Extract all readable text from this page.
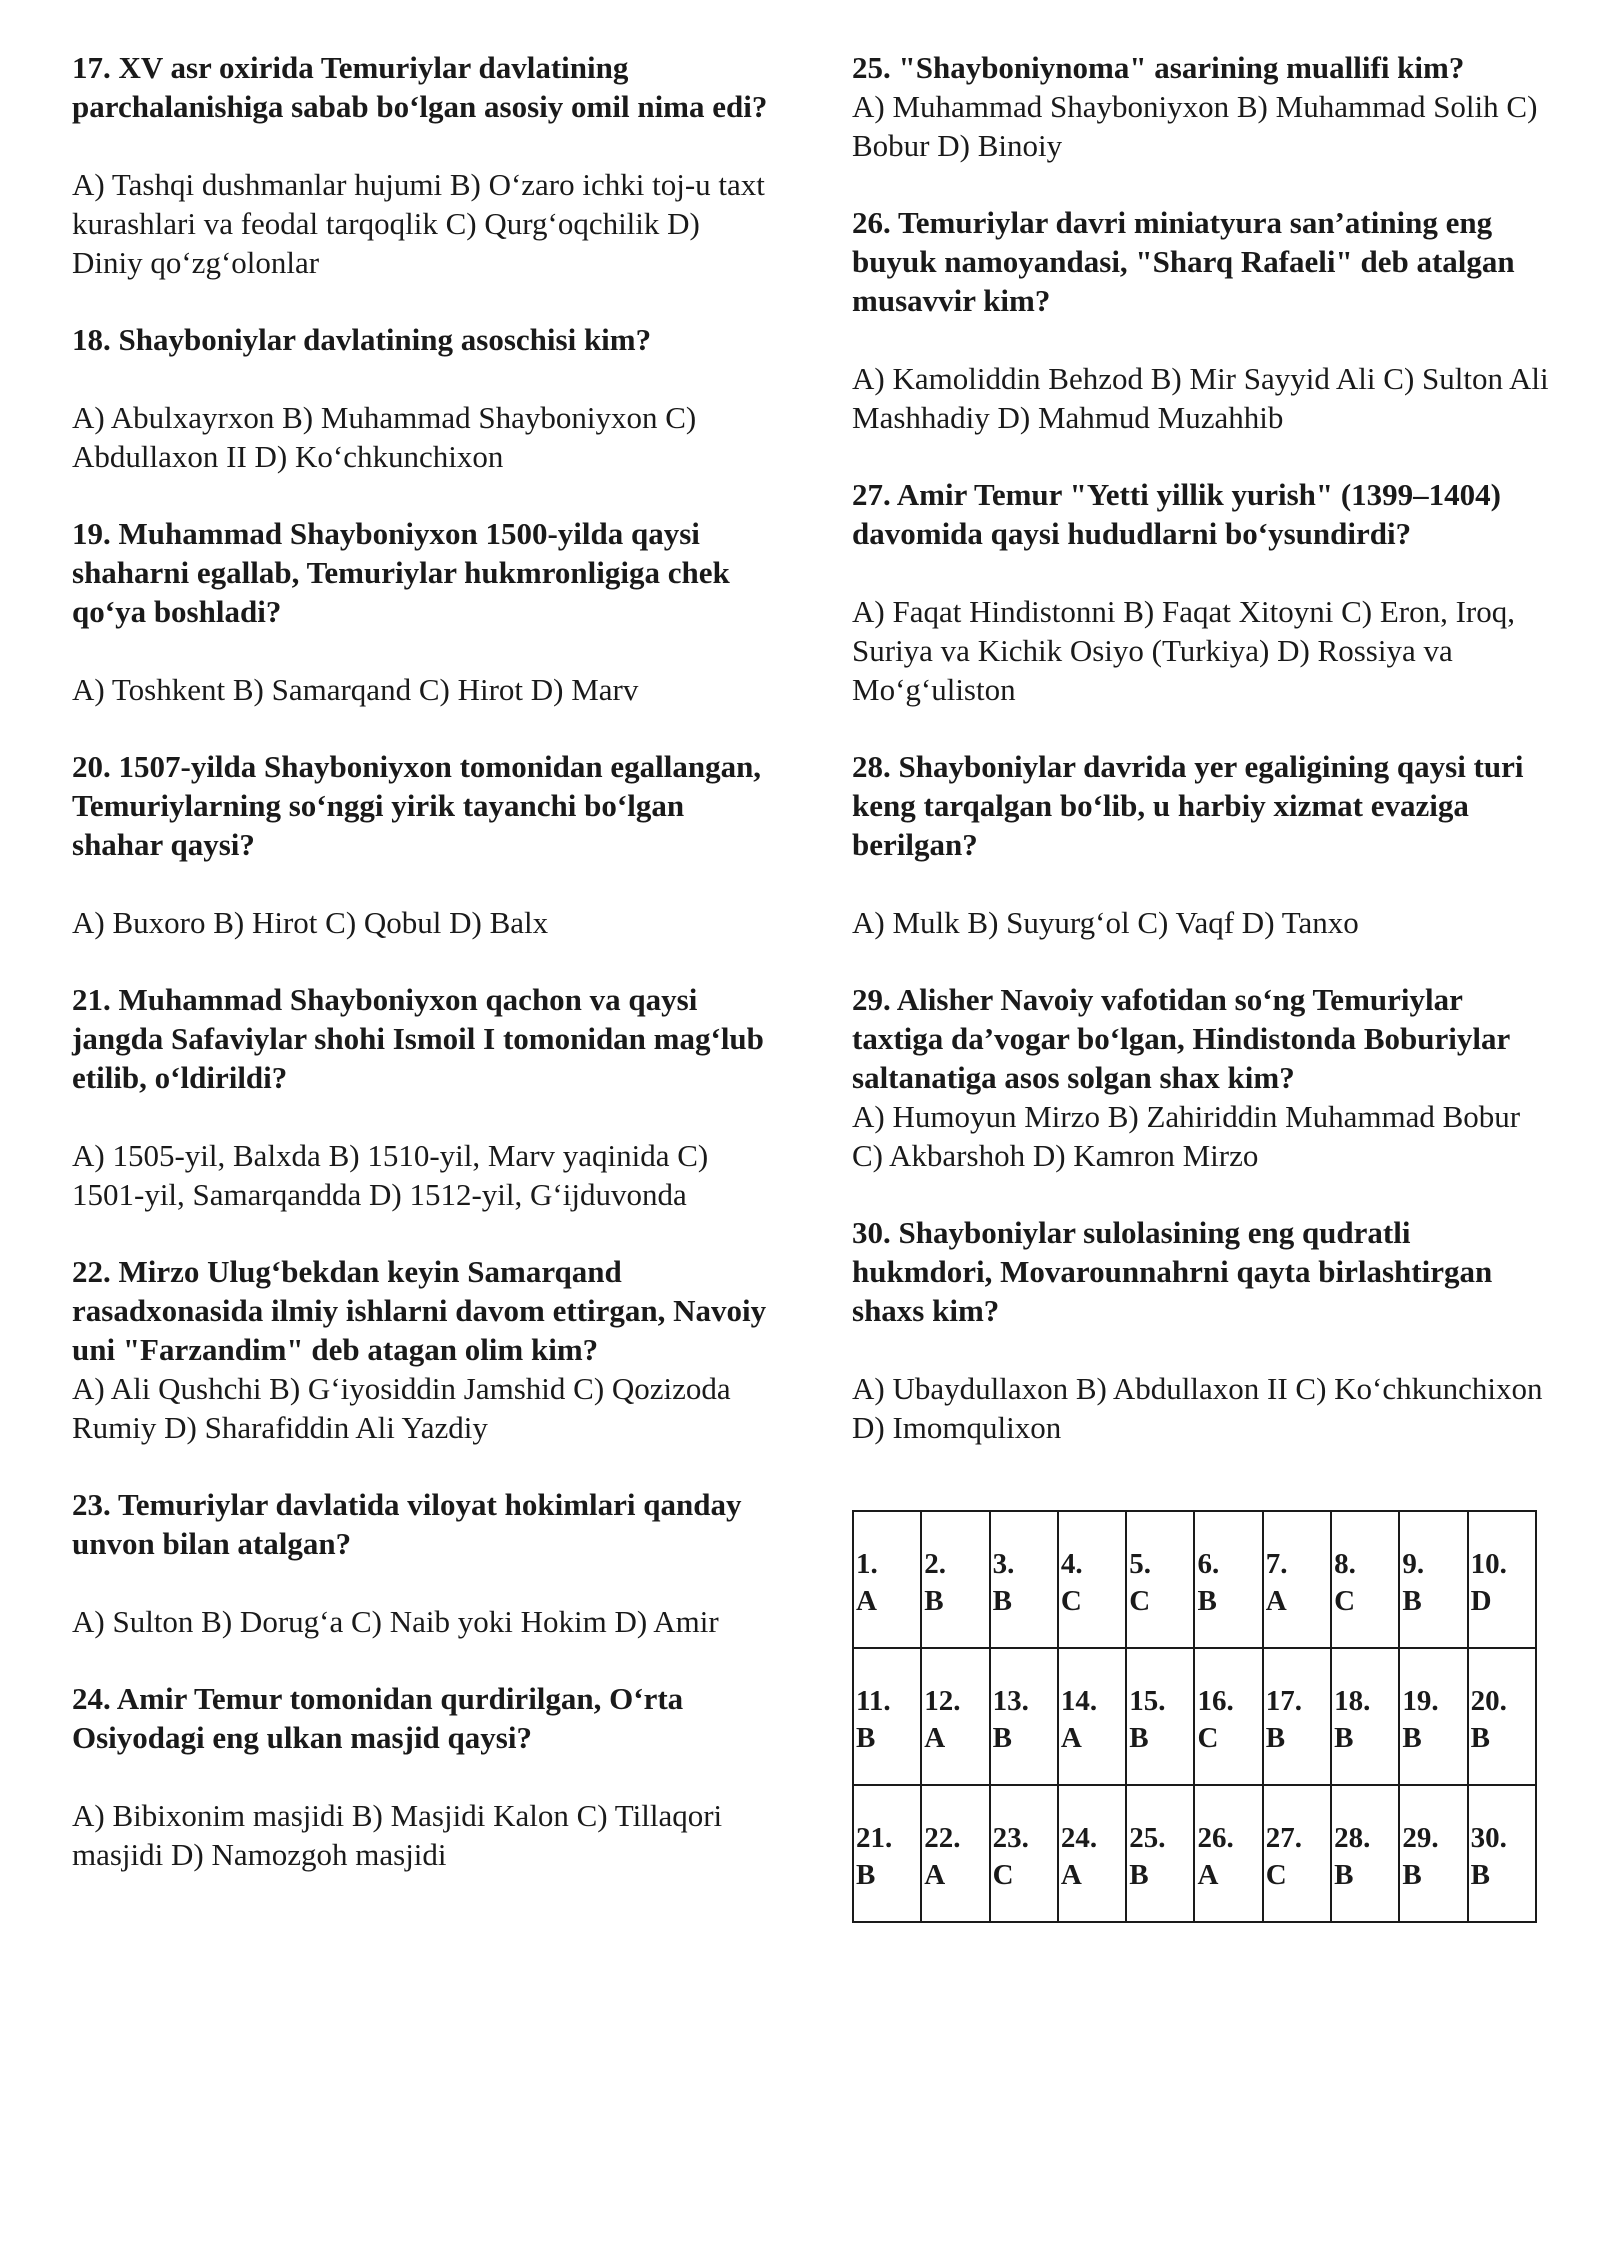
17. XV asr oxirida Temuriylar davlatining parchalanishiga sabab bo‘lgan asosiy omil nima edi?

A) Tashqi dushmanlar hujumi B) O‘zaro ichki toj-u taxt kurashlari va feodal tarqoqlik C) Qurg‘oqchilik D) Diniy qo‘zg‘olonlar

18. Shayboniylar davlatining asoschisi kim?

A) Abulxayrxon B) Muhammad Shayboniyxon C) Abdullaxon II D) Ko‘chkunchixon

19. Muhammad Shayboniyxon 1500-yilda qaysi shaharni egallab, Temuriylar hukmronligiga chek qo‘ya boshladi?

A) Toshkent B) Samarqand C) Hirot D) Marv

20. 1507-yilda Shayboniyxon tomonidan egallangan, Temuriylarning so‘nggi yirik tayanchi bo‘lgan shahar qaysi?

A) Buxoro B) Hirot C) Qobul D) Balx

21. Muhammad Shayboniyxon qachon va qaysi jangda Safaviylar shohi Ismoil I tomonidan mag‘lub etilib, o‘ldirildi?

A) 1505-yil, Balxda B) 1510-yil, Marv yaqinida C) 1501-yil, Samarqandda D) 1512-yil, G‘ijduvonda

22. Mirzo Ulug‘bekdan keyin Samarqand rasadxonasida ilmiy ishlarni davom ettirgan, Navoiy uni "Farzandim" deb atagan olim kim?

A) Ali Qushchi B) G‘iyosiddin Jamshid C) Qozizoda Rumiy D) Sharafiddin Ali Yazdiy

23. Temuriylar davlatida viloyat hokimlari qanday unvon bilan atalgan?

A) Sulton B) Dorug‘a C) Naib yoki Hokim D) Amir

24. Amir Temur tomonidan qurdirilgan, O‘rta Osiyodagi eng ulkan masjid qaysi?

A) Bibixonim masjidi B) Masjidi Kalon C) Tillaqori masjidi D) Namozgoh masjidi

25. "Shayboniynoma" asarining muallifi kim?

A) Muhammad Shayboniyxon B) Muhammad Solih C) Bobur D) Binoiy

26. Temuriylar davri miniatyura san’atining eng buyuk namoyandasi, "Sharq Rafaeli" deb atalgan musavvir kim?

A) Kamoliddin Behzod B) Mir Sayyid Ali C) Sulton Ali Mashhadiy D) Mahmud Muzahhib

27. Amir Temur "Yetti yillik yurish" (1399–1404) davomida qaysi hududlarni bo‘ysundirdi?

A) Faqat Hindistonni B) Faqat Xitoyni C) Eron, Iroq, Suriya va Kichik Osiyo (Turkiya) D) Rossiya va Mo‘g‘uliston

28. Shayboniylar davrida yer egaligining qaysi turi keng tarqalgan bo‘lib, u harbiy xizmat evaziga berilgan?

A) Mulk B) Suyurg‘ol C) Vaqf D) Tanxo

29. Alisher Navoiy vafotidan so‘ng Temuriylar taxtiga da’vogar bo‘lgan, Hindistonda Boburiylar saltanatiga asos solgan shax kim?

A) Humoyun Mirzo B) Zahiriddin Muhammad Bobur C) Akbarshoh D) Kamron Mirzo

30. Shayboniylar sulolasining eng qudratli hukmdori, Movarounnahrni qayta birlashtirgan shaxs kim?

A) Ubaydullaxon B) Abdullaxon II C) Ko‘chkunchixon D) Imomqulixon

1.
A	2.
B	3.
B	4.
C	5.
C	6.
B	7.
A	8.
C	9.
B	10.
D

11.
B	12.
A	13.
B	14.
A	15.
B	16.
C	17.
B	18.
B	19.
B	20.
B

21.
B	22.
A	23.
C	24.
A	25.
B	26.
A	27.
C	28.
B	29.
B	30.
B
